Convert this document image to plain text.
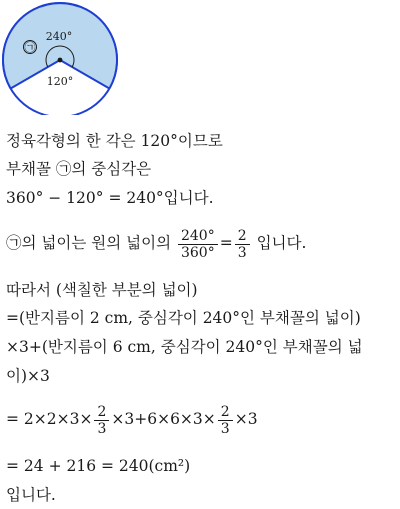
240°
120°
㉠
정육각형의 한 각은 120°이므로
부채꼴 ㉠의 중심각은
360° − 120° = 240°입니다.
㉠의 넓이는 원의 넓이의 $\frac{240^\circ}{360^\circ} = \frac{2}{3}$ 입니다.
따라서 (색칠한 부분의 넓이)
=(반지름이 2 cm, 중심각이 240°인 부채꼴의 넓이)
×3+(반지름이 6 cm, 중심각이 240°인 부채꼴의 넓
이)×3
= $2\times 2\times 3\times \frac{2}{3} \times 3+6\times 6\times 3\times \frac{2}{3} \times 3$
= 24 + 216 = 240(cm²)
입니다.
